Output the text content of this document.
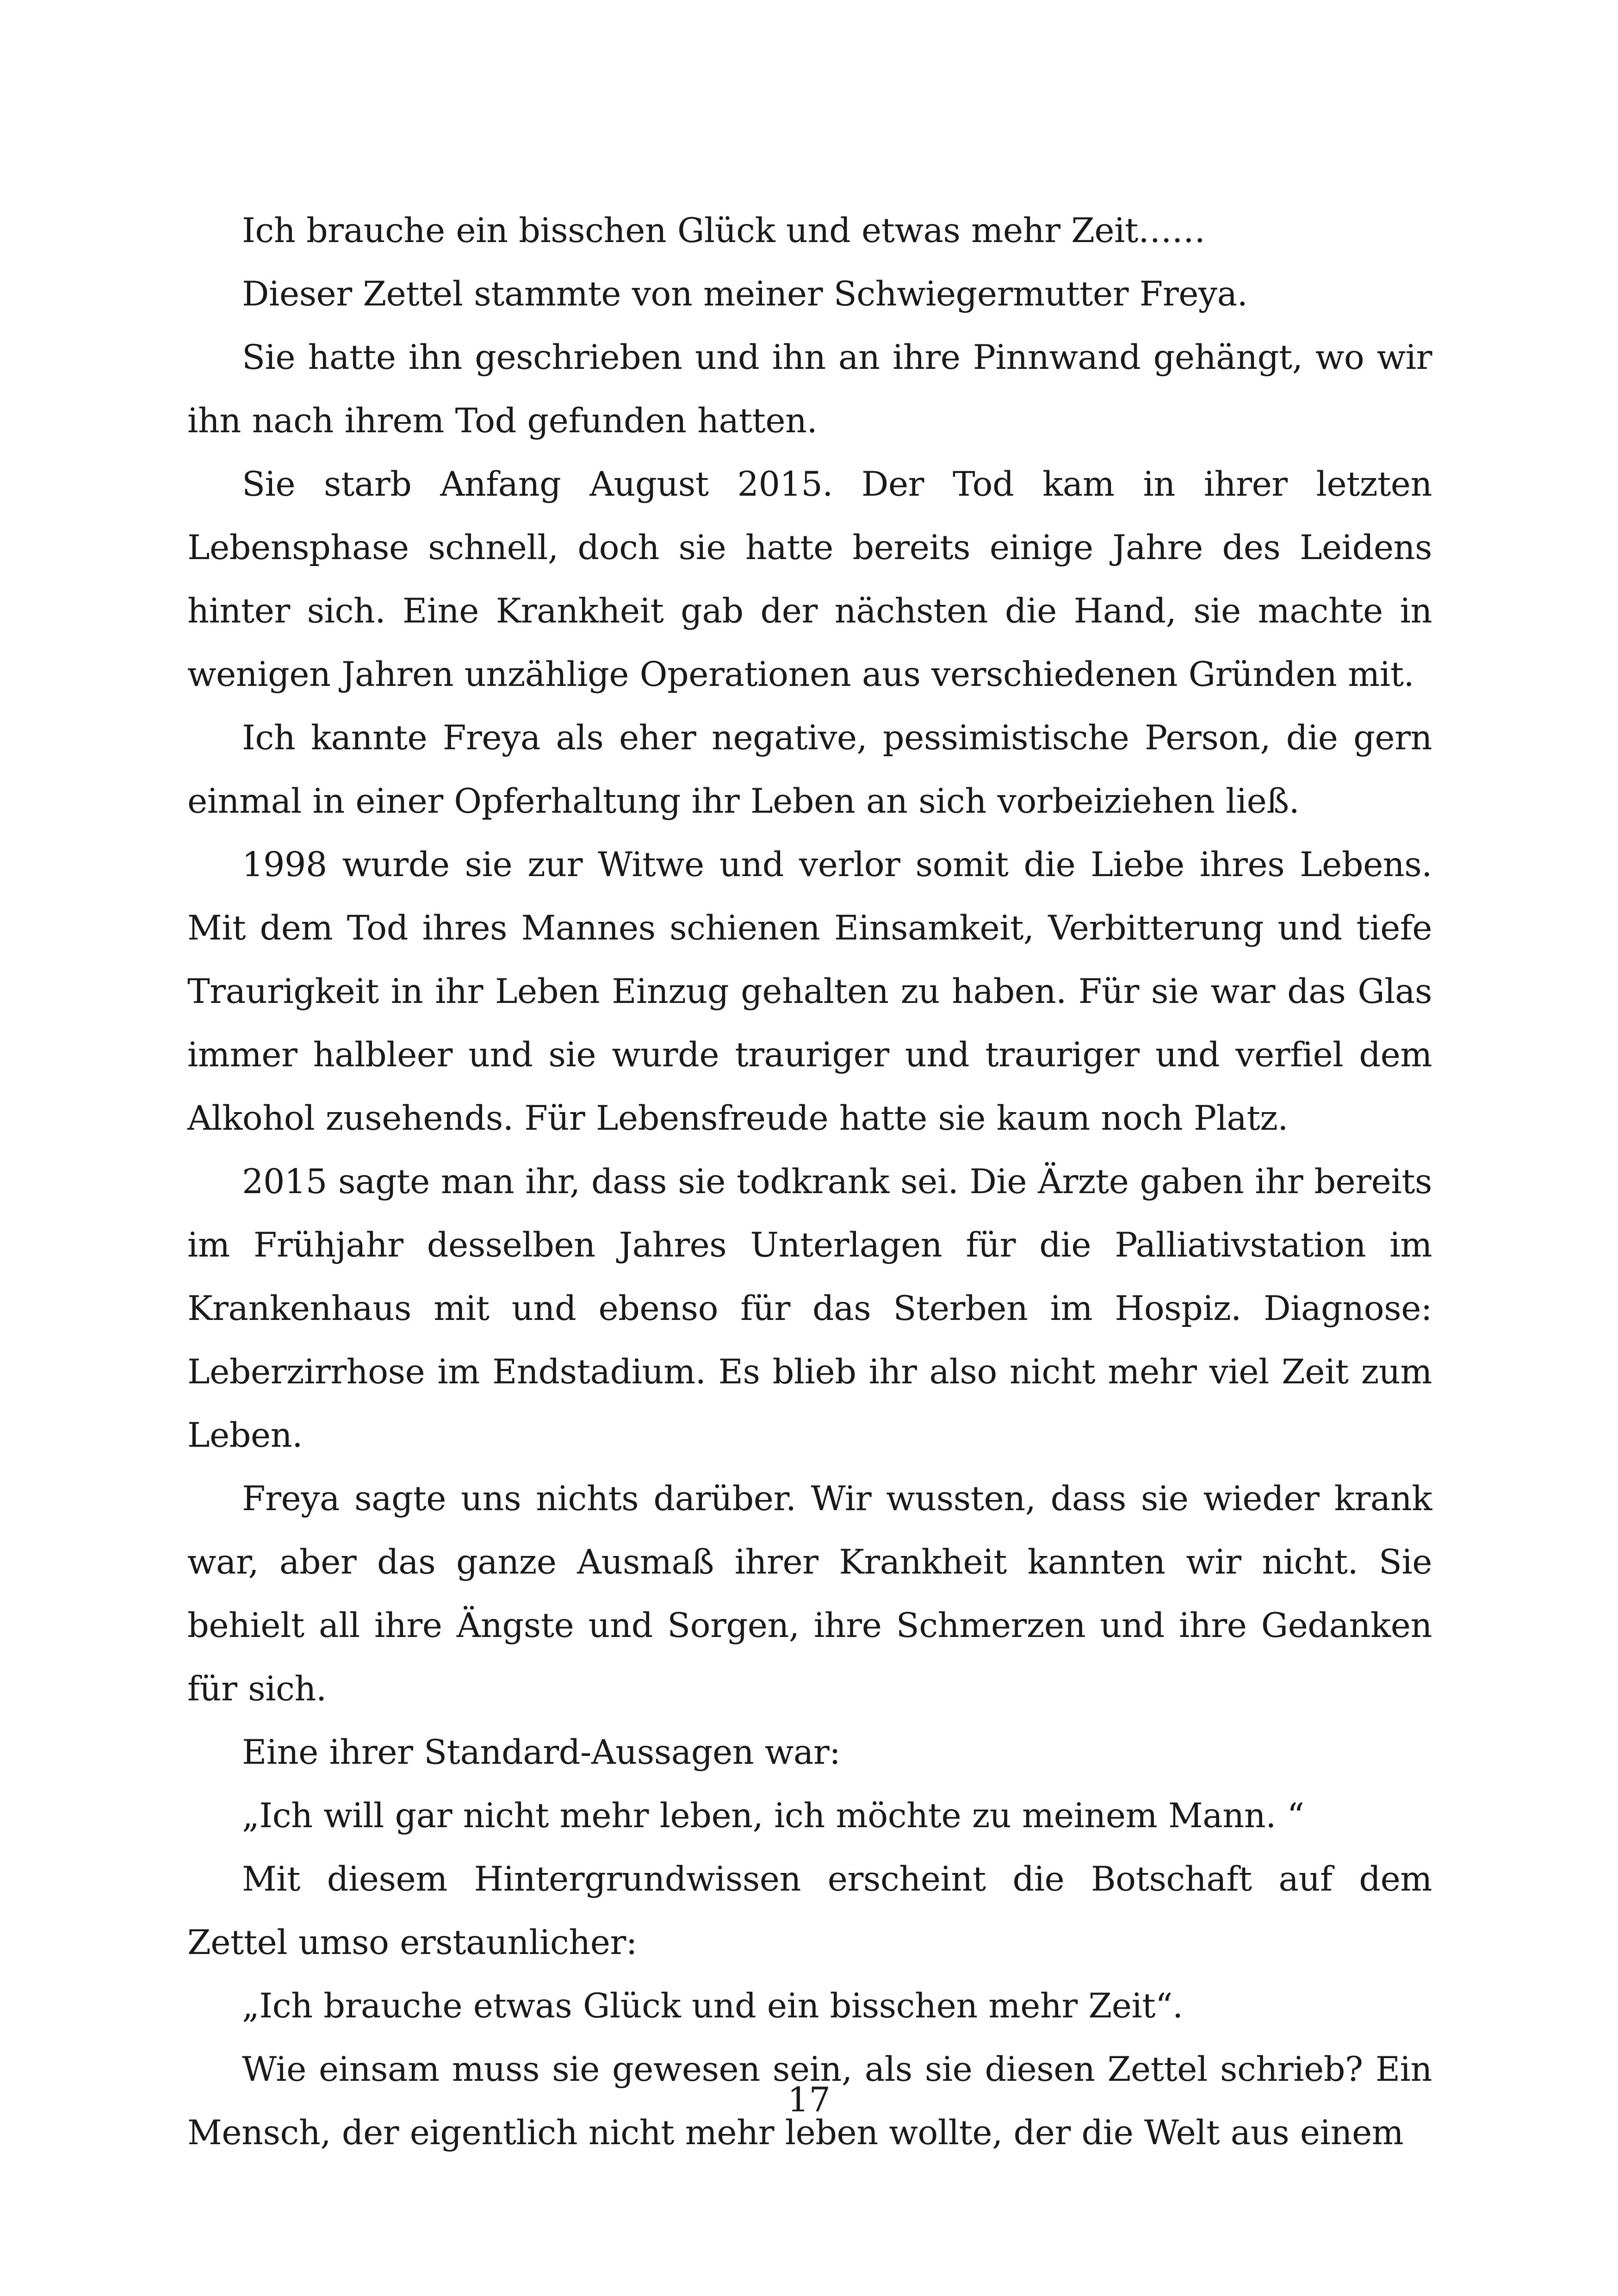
Ich brauche ein bisschen Glück und etwas mehr Zeit……

Dieser Zettel stammte von meiner Schwiegermutter Freya.

Sie hatte ihn geschrieben und ihn an ihre Pinnwand gehängt, wo wir ihn nach ihrem Tod gefunden hatten.

Sie starb Anfang August 2015. Der Tod kam in ihrer letzten Lebensphase schnell, doch sie hatte bereits einige Jahre des Leidens hinter sich. Eine Krankheit gab der nächsten die Hand, sie machte in wenigen Jahren unzählige Operationen aus verschiedenen Gründen mit.

Ich kannte Freya als eher negative, pessimistische Person, die gern einmal in einer Opferhaltung ihr Leben an sich vorbeiziehen ließ.

1998 wurde sie zur Witwe und verlor somit die Liebe ihres Lebens. Mit dem Tod ihres Mannes schienen Einsamkeit, Verbitterung und tiefe Traurigkeit in ihr Leben Einzug gehalten zu haben. Für sie war das Glas immer halbleer und sie wurde trauriger und trauriger und verfiel dem Alkohol zusehends. Für Lebensfreude hatte sie kaum noch Platz.

2015 sagte man ihr, dass sie todkrank sei. Die Ärzte gaben ihr bereits im Frühjahr desselben Jahres Unterlagen für die Palliativstation im Krankenhaus mit und ebenso für das Sterben im Hospiz. Diagnose: Leberzirrhose im Endstadium. Es blieb ihr also nicht mehr viel Zeit zum Leben.

Freya sagte uns nichts darüber. Wir wussten, dass sie wieder krank war, aber das ganze Ausmaß ihrer Krankheit kannten wir nicht. Sie behielt all ihre Ängste und Sorgen, ihre Schmerzen und ihre Gedanken für sich.

Eine ihrer Standard-Aussagen war:

„Ich will gar nicht mehr leben, ich möchte zu meinem Mann. “

Mit diesem Hintergrundwissen erscheint die Botschaft auf dem Zettel umso erstaunlicher:

„Ich brauche etwas Glück und ein bisschen mehr Zeit“.

Wie einsam muss sie gewesen sein, als sie diesen Zettel schrieb? Ein Mensch, der eigentlich nicht mehr leben wollte, der die Welt aus einem

17
